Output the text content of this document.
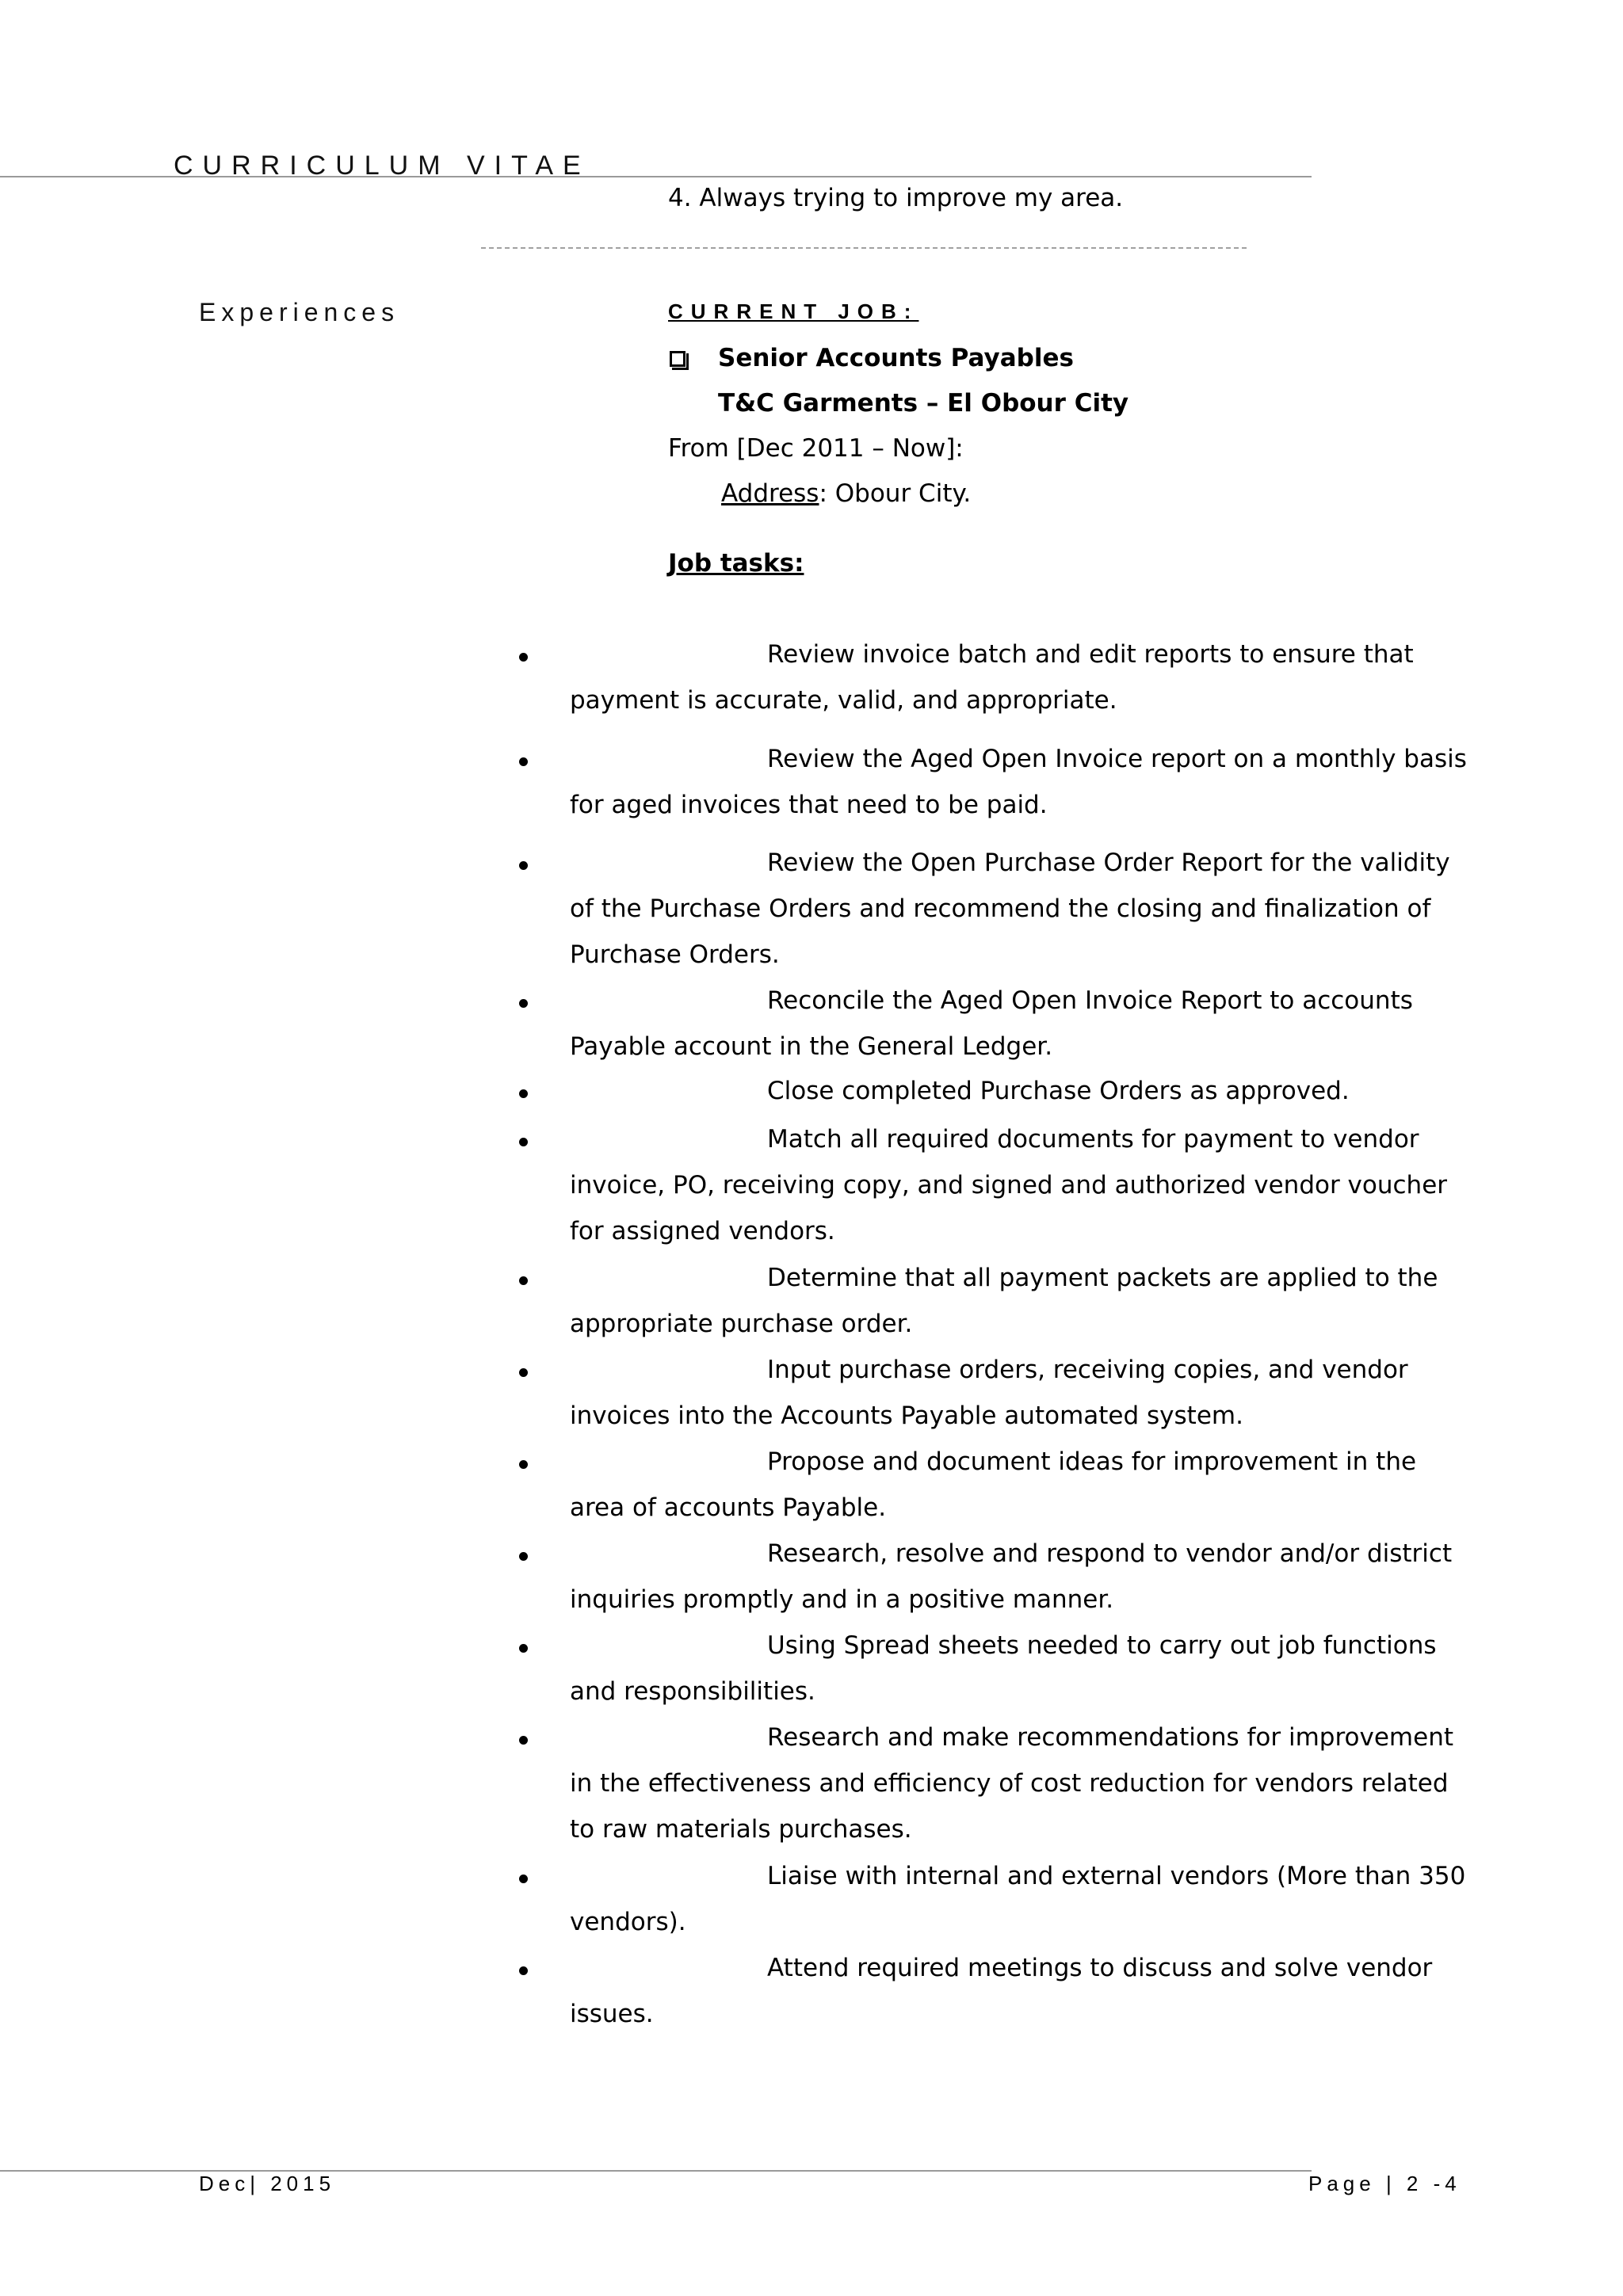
CURRICULUM VITAE
4. Always trying to improve my area.
Experiences	CURRENT JOB:
Senior Accounts Payables
T&C Garments – El Obour City
From [Dec 2011 – Now]:
Address: Obour City.
Job tasks:
Review invoice batch and edit reports to ensure that
payment is accurate, valid, and appropriate.
Review the Aged Open Invoice report on a monthly basis
for aged invoices that need to be paid.
Review the Open Purchase Order Report for the validity
of the Purchase Orders and recommend the closing and finalization of
Purchase Orders.
Reconcile the Aged Open Invoice Report to accounts
Payable account in the General Ledger.
Close completed Purchase Orders as approved.
Match all required documents for payment to vendor
invoice, PO, receiving copy, and signed and authorized vendor voucher
for assigned vendors.
Determine that all payment packets are applied to the
appropriate purchase order.
Input purchase orders, receiving copies, and vendor
invoices into the Accounts Payable automated system.
Propose and document ideas for improvement in the
area of accounts Payable.
Research, resolve and respond to vendor and/or district
inquiries promptly and in a positive manner.
Using Spread sheets needed to carry out job functions
and responsibilities.
Research and make recommendations for improvement
in the effectiveness and efficiency of cost reduction for vendors related
to raw materials purchases.
Liaise with internal and external vendors (More than 350
vendors).
Attend required meetings to discuss and solve vendor
issues.
Dec| 2015	Page | 2 -4
